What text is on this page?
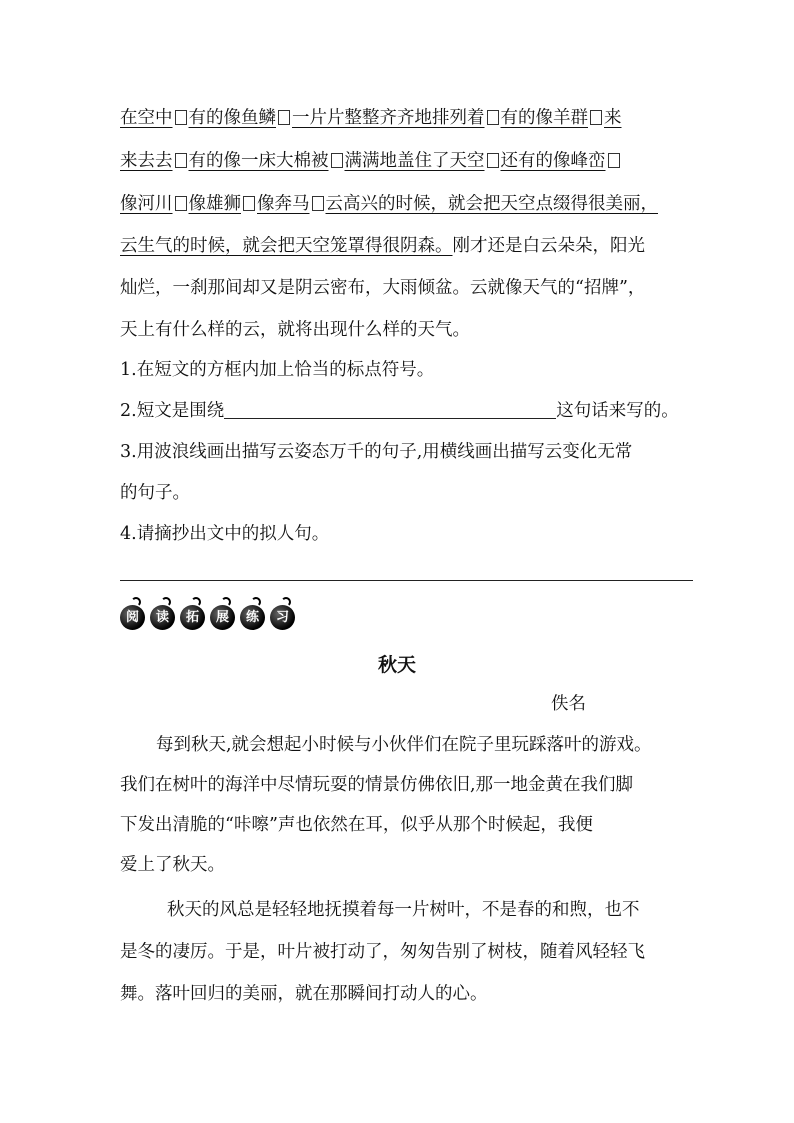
在空中 有的像鱼鳞 一片片整整齐齐地排列着 有的像羊群 来
来去去 有的像一床大棉被 满满地盖住了天空 还有的像峰峦
像河川 像雄狮 像奔马 云高兴的时候，就会把天空点缀得很美丽，
云生气的时候，就会把天空笼罩得很阴森。刚才还是白云朵朵，阳光
灿烂，一刹那间却又是阴云密布，大雨倾盆。云就像天气的“招牌”，
天上有什么样的云，就将出现什么样的天气。
1.在短文的方框内加上恰当的标点符号。
2.短文是围绕	这句话来写的。
3.用波浪线画出描写云姿态万千的句子,用横线画出描写云变化无常
的句子。
4.请摘抄出文中的拟人句。
阅	读	拓	展	练	习
秋天
佚名
每到秋天,就会想起小时候与小伙伴们在院子里玩踩落叶的游戏。
我们在树叶的海洋中尽情玩耍的情景仿佛依旧,那一地金黄在我们脚
下发出清脆的“咔嚓”声也依然在耳，似乎从那个时候起，我便
爱上了秋天。
秋天的风总是轻轻地抚摸着每一片树叶，不是春的和煦，也不
是冬的凄厉。于是，叶片被打动了，匆匆告别了树枝，随着风轻轻飞
舞。落叶回归的美丽，就在那瞬间打动人的心。
